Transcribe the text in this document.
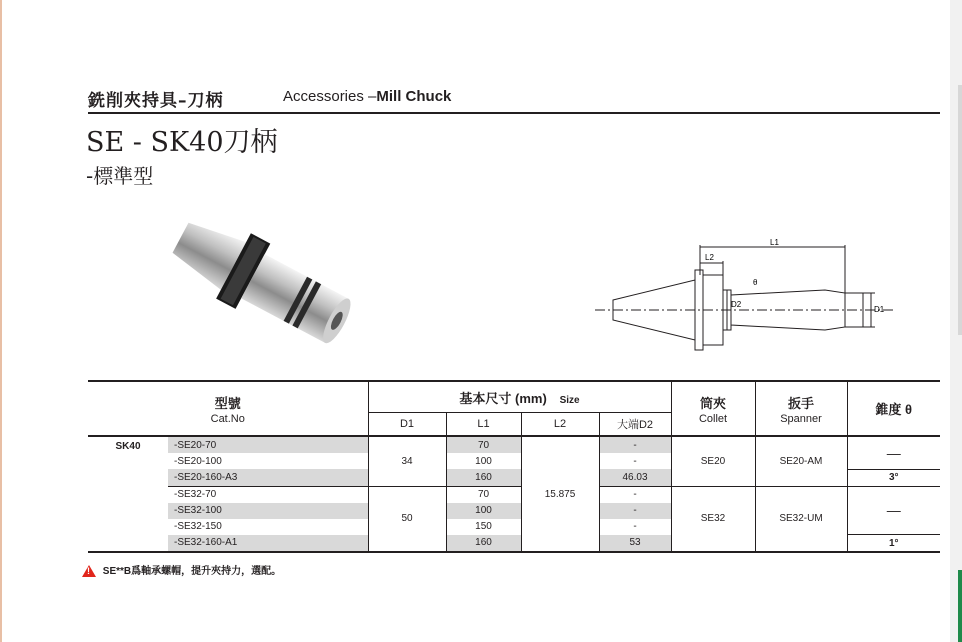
銑削夾持具–刀柄	Accessories –Mill Chuck
SE - SK40刀柄
-標準型
L1
L2
D2
D1
θ
型號
Cat.No		基本尺寸 (mm) Size				筒夾
Collet	扳手
Spanner	錐度 θ

		D1	L1	L2	大端D2			
SK40	-SE20-70	34	70	15.875	-	SE20	SE20-AM	—
	-SE20-100		100		-			
	-SE20-160-A3		160		46.03			3°
	-SE32-70	50	70		-	SE32	SE32-UM	—
	-SE32-100		100		-			
	-SE32-150		150		-			
	-SE32-160-A1		160		53			1°
! SE**B爲軸承螺帽，提升夾持力，選配。
